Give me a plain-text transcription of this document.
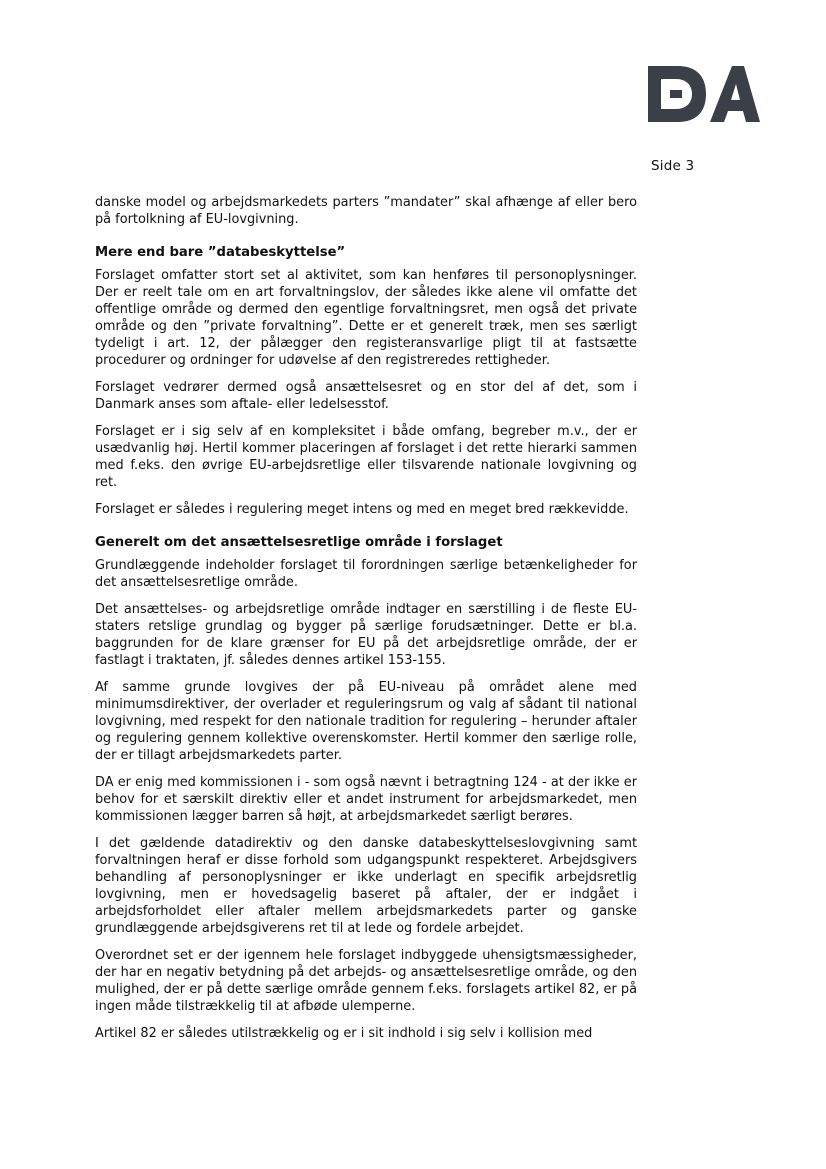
Side 3

danske model og arbejdsmarkedets parters ”mandater” skal afhænge af eller bero på fortolkning af EU-lovgivning.

Mere end bare ”databeskyttelse”

Forslaget omfatter stort set al aktivitet, som kan henføres til personoplysninger. Der er reelt tale om en art forvaltningslov, der således ikke alene vil omfatte det offentlige område og dermed den egentlige forvaltningsret, men også det private område og den ”private forvaltning”. Dette er et generelt træk, men ses særligt tydeligt i art. 12, der pålægger den registeransvarlige pligt til at fastsætte procedurer og ordninger for udøvelse af den registreredes rettigheder.

Forslaget vedrører dermed også ansættelsesret og en stor del af det, som i Danmark anses som aftale- eller ledelsesstof.

Forslaget er i sig selv af en kompleksitet i både omfang, begreber m.v., der er usædvanlig høj. Hertil kommer placeringen af forslaget i det rette hierarki sammen med f.eks. den øvrige EU-arbejdsretlige eller tilsvarende nationale lovgivning og ret.

Forslaget er således i regulering meget intens og med en meget bred rækkevidde.

Generelt om det ansættelsesretlige område i forslaget

Grundlæggende indeholder forslaget til forordningen særlige betænkeligheder for det ansættelsesretlige område.

Det ansættelses- og arbejdsretlige område indtager en særstilling i de fleste EU-staters retslige grundlag og bygger på særlige forudsætninger. Dette er bl.a. baggrunden for de klare grænser for EU på det arbejdsretlige område, der er fastlagt i traktaten, jf. således dennes artikel 153-155.

Af samme grunde lovgives der på EU-niveau på området alene med minimumsdirektiver, der overlader et reguleringsrum og valg af sådant til national lovgivning, med respekt for den nationale tradition for regulering – herunder aftaler og regulering gennem kollektive overenskomster. Hertil kommer den særlige rolle, der er tillagt arbejdsmarkedets parter.

DA er enig med kommissionen i - som også nævnt i betragtning 124 - at der ikke er behov for et særskilt direktiv eller et andet instrument for arbejdsmarkedet, men kommissionen lægger barren så højt, at arbejdsmarkedet særligt berøres.

I det gældende datadirektiv og den danske databeskyttelseslovgivning samt forvaltningen heraf er disse forhold som udgangspunkt respekteret. Arbejdsgivers behandling af personoplysninger er ikke underlagt en specifik arbejdsretlig lovgivning, men er hovedsagelig baseret på aftaler, der er indgået i arbejdsforholdet eller aftaler mellem arbejdsmarkedets parter og ganske grundlæggende arbejdsgiverens ret til at lede og fordele arbejdet.

Overordnet set er der igennem hele forslaget indbyggede uhensigtsmæssigheder, der har en negativ betydning på det arbejds- og ansættelsesretlige område, og den mulighed, der er på dette særlige område gennem f.eks. forslagets artikel 82, er på ingen måde tilstrækkelig til at afbøde ulemperne.

Artikel 82 er således utilstrækkelig og er i sit indhold i sig selv i kollision med
